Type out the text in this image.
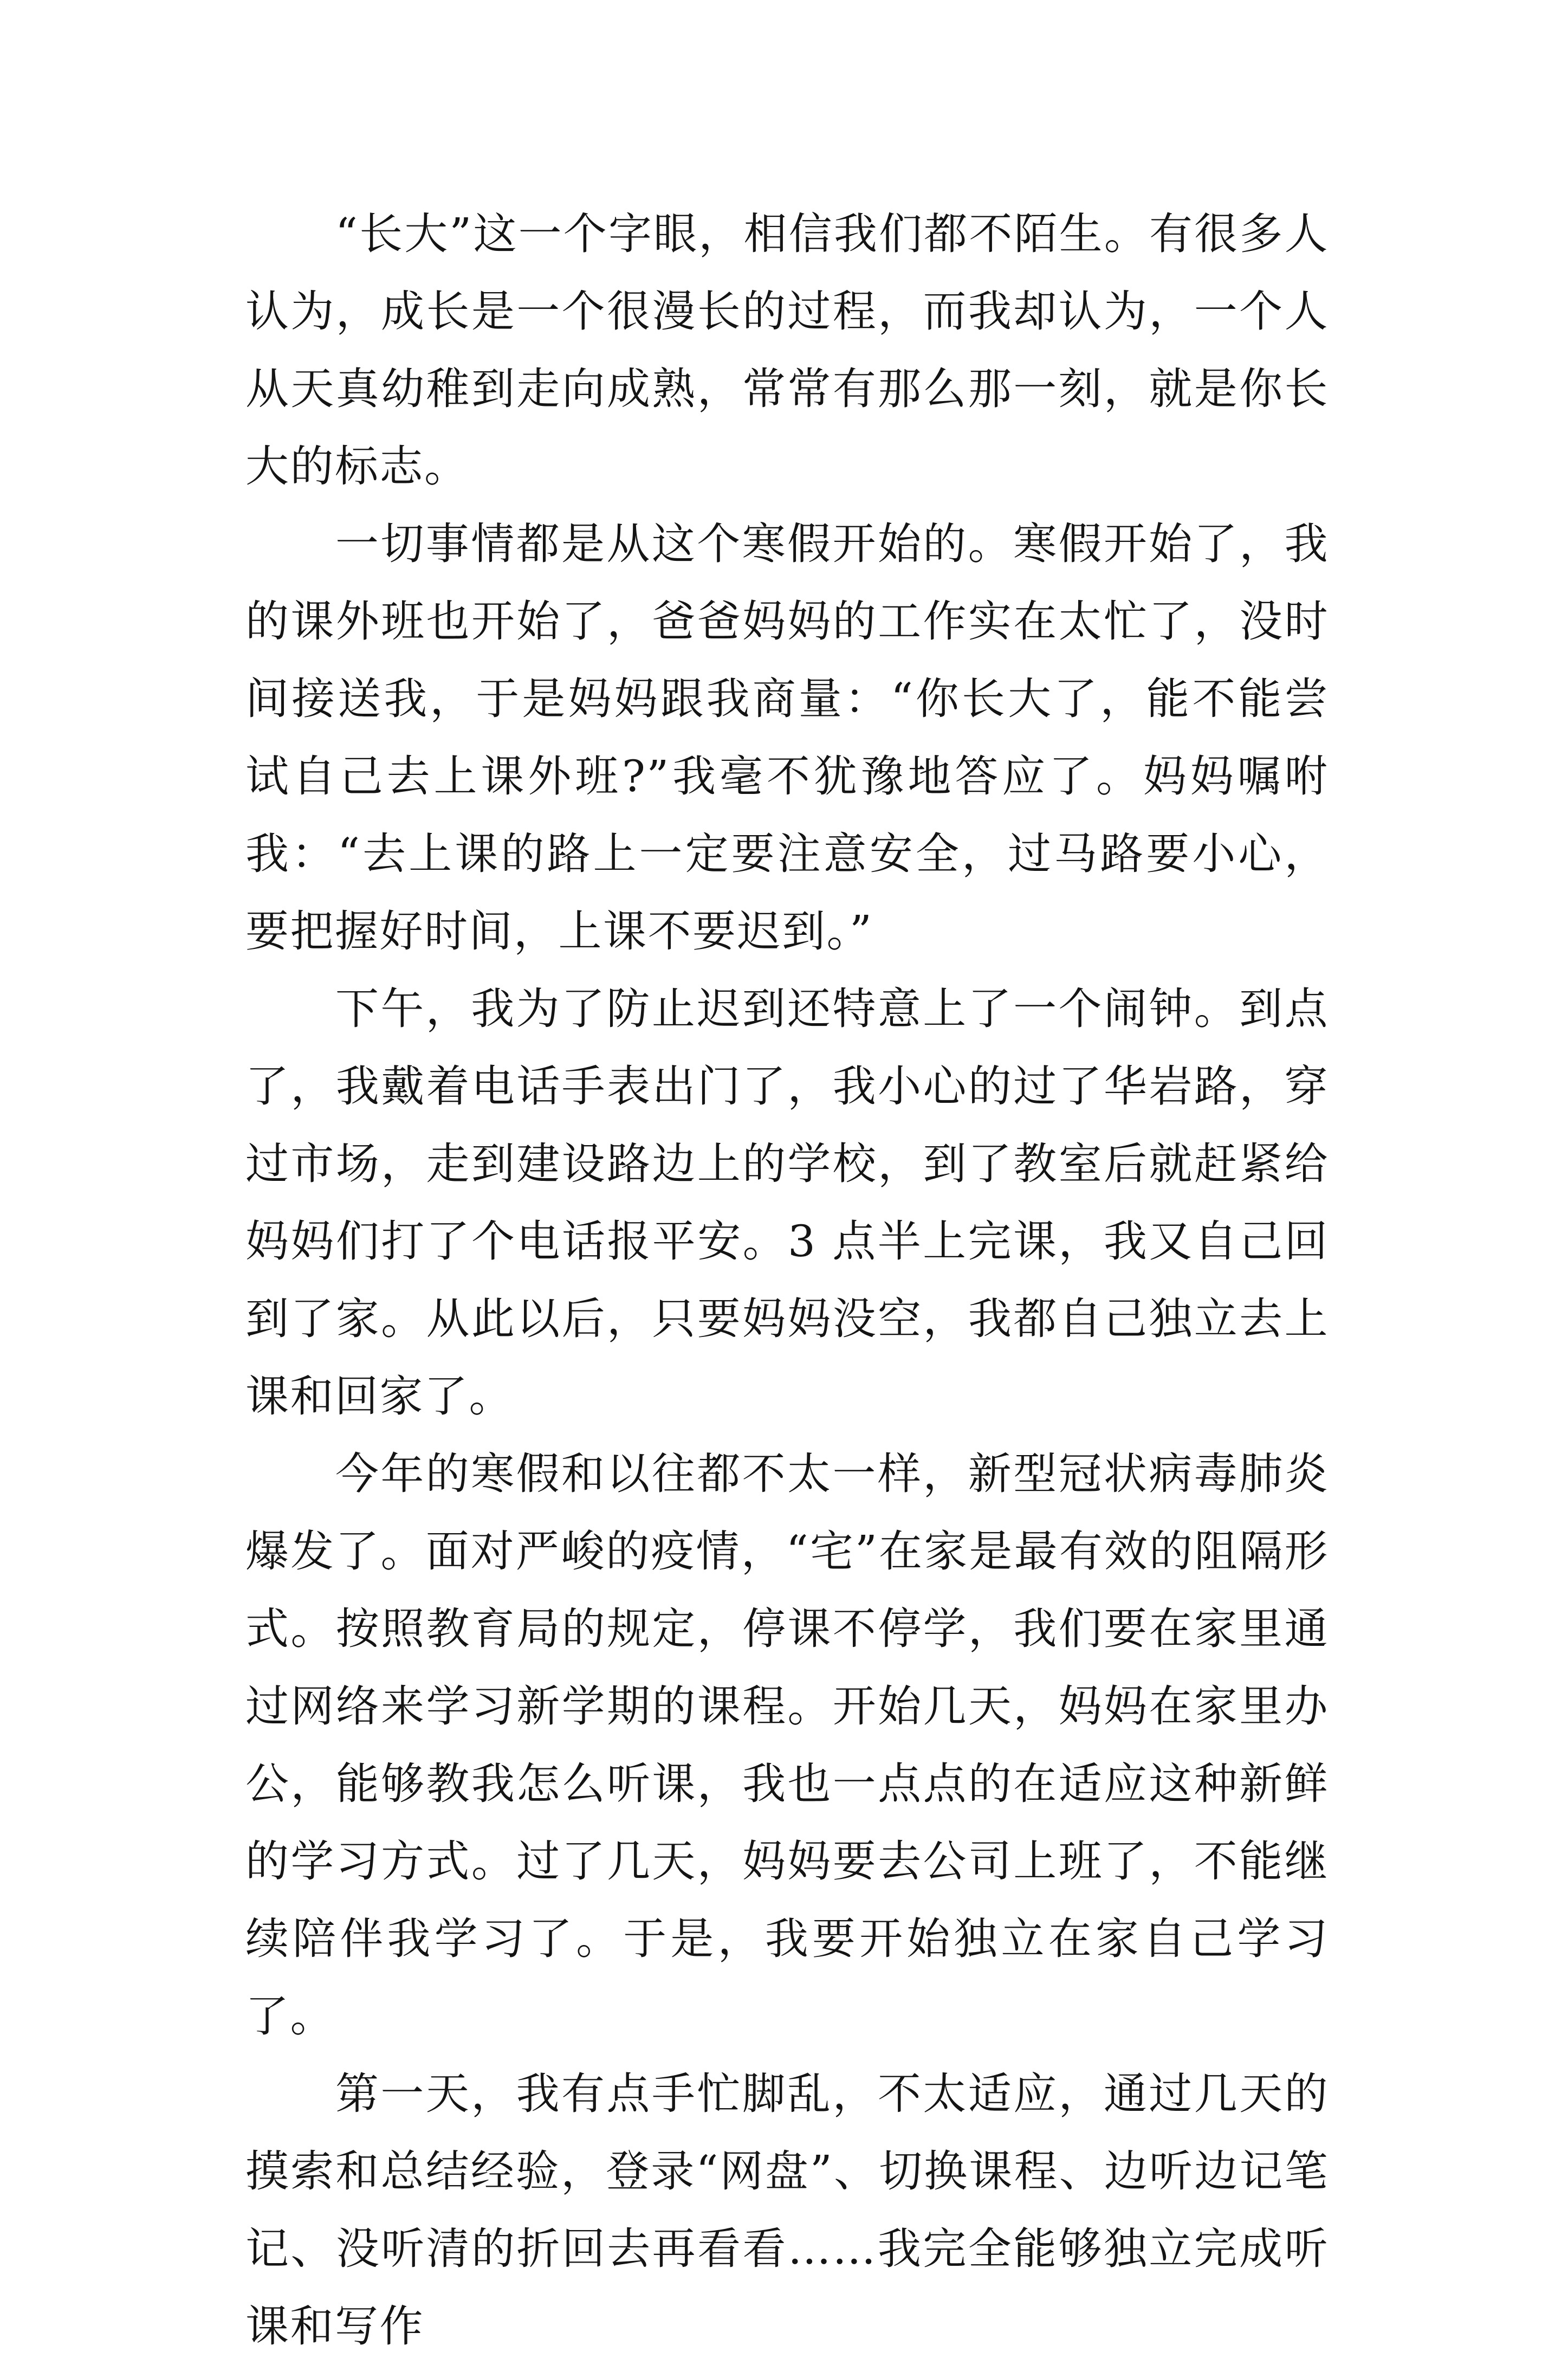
“长大”这一个字眼，相信我们都不陌生。有很多人认为，成长是一个很漫长的过程，而我却认为，一个人从天真幼稚到走向成熟，常常有那么那一刻，就是你长大的标志。

一切事情都是从这个寒假开始的。寒假开始了，我的课外班也开始了，爸爸妈妈的工作实在太忙了，没时间接送我，于是妈妈跟我商量：“你长大了，能不能尝试自己去上课外班?”我毫不犹豫地答应了。妈妈嘱咐我：“去上课的路上一定要注意安全，过马路要小心，要把握好时间，上课不要迟到。”

下午，我为了防止迟到还特意上了一个闹钟。到点了，我戴着电话手表出门了，我小心的过了华岩路，穿过市场，走到建设路边上的学校，到了教室后就赶紧给妈妈们打了个电话报平安。3 点半上完课，我又自己回到了家。从此以后，只要妈妈没空，我都自己独立去上课和回家了。

今年的寒假和以往都不太一样，新型冠状病毒肺炎爆发了。面对严峻的疫情，“宅”在家是最有效的阻隔形式。按照教育局的规定，停课不停学，我们要在家里通过网络来学习新学期的课程。开始几天，妈妈在家里办公，能够教我怎么听课，我也一点点的在适应这种新鲜的学习方式。过了几天，妈妈要去公司上班了，不能继续陪伴我学习了。于是，我要开始独立在家自己学习了。

第一天，我有点手忙脚乱，不太适应，通过几天的摸索和总结经验，登录“网盘”、切换课程、边听边记笔记、没听清的折回去再看看……我完全能够独立完成听课和写作
